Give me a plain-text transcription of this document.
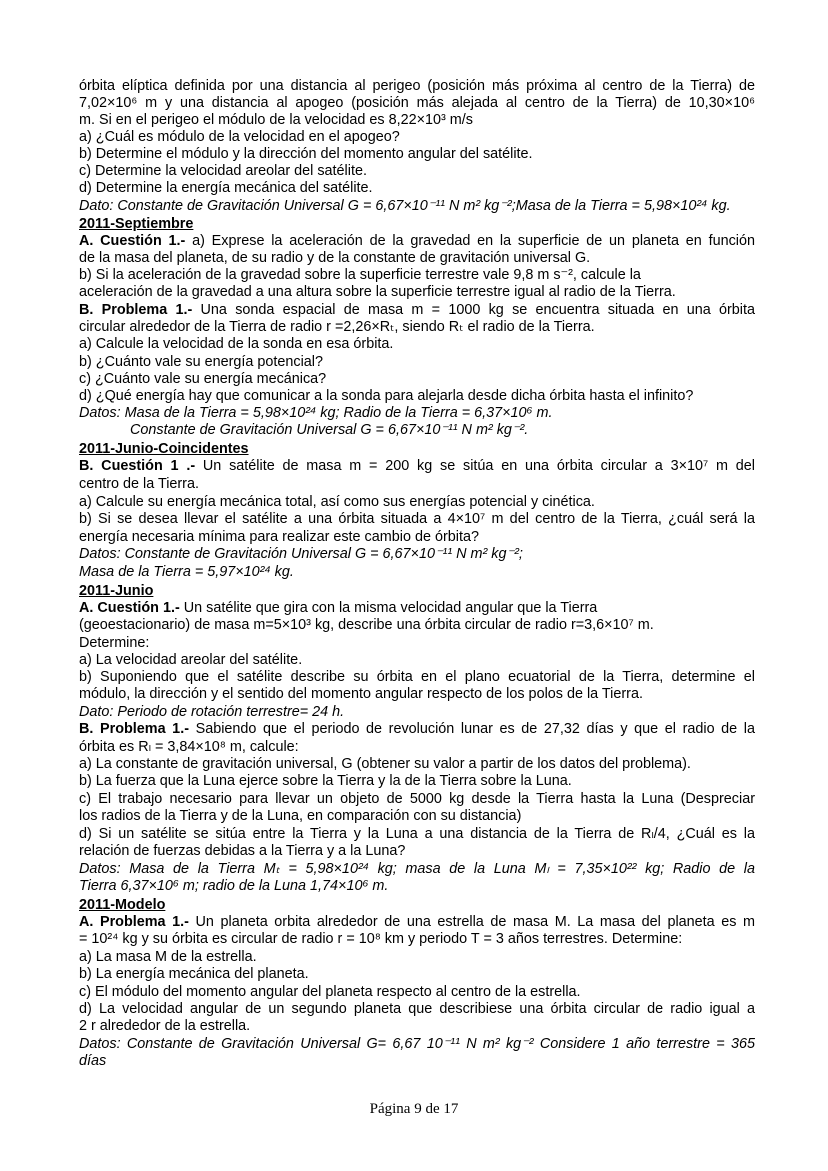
órbita elíptica definida por una distancia al perigeo (posición más próxima al centro de la Tierra) de
7,02×10⁶ m y una distancia al apogeo (posición más alejada al centro de la Tierra) de 10,30×10⁶
m. Si en el perigeo el módulo de la velocidad es 8,22×10³ m/s
a) ¿Cuál es módulo de la velocidad en el apogeo?
b) Determine el módulo y la dirección del momento angular del satélite.
c) Determine la velocidad areolar del satélite.
d) Determine la energía mecánica del satélite.
Dato: Constante de Gravitación Universal G = 6,67×10⁻¹¹ N m² kg⁻²;Masa de la Tierra = 5,98×10²⁴ kg.
2011-Septiembre
A. Cuestión 1.- a) Exprese la aceleración de la gravedad en la superficie de un planeta en función
de la masa del planeta, de su radio y de la constante de gravitación universal G.
b) Si la aceleración de la gravedad sobre la superficie terrestre vale 9,8 m s⁻², calcule la
aceleración de la gravedad a una altura sobre la superficie terrestre igual al radio de la Tierra.
B. Problema 1.- Una sonda espacial de masa m = 1000 kg se encuentra situada en una órbita
circular alrededor de la Tierra de radio r =2,26×Rₜ, siendo Rₜ el radio de la Tierra.
a) Calcule la velocidad de la sonda en esa órbita.
b) ¿Cuánto vale su energía potencial?
c) ¿Cuánto vale su energía mecánica?
d) ¿Qué energía hay que comunicar a la sonda para alejarla desde dicha órbita hasta el infinito?
Datos: Masa de la Tierra = 5,98×10²⁴ kg; Radio de la Tierra = 6,37×10⁶ m.
Constante de Gravitación Universal G = 6,67×10⁻¹¹ N m² kg⁻².
2011-Junio-Coincidentes
B. Cuestión 1 .- Un satélite de masa m = 200 kg se sitúa en una órbita circular a 3×10⁷ m del
centro de la Tierra.
a) Calcule su energía mecánica total, así como sus energías potencial y cinética.
b) Si se desea llevar el satélite a una órbita situada a 4×10⁷ m del centro de la Tierra, ¿cuál será la
energía necesaria mínima para realizar este cambio de órbita?
Datos: Constante de Gravitación Universal G = 6,67×10⁻¹¹ N m² kg⁻²;
Masa de la Tierra = 5,97×10²⁴ kg.
2011-Junio
A. Cuestión 1.- Un satélite que gira con la misma velocidad angular que la Tierra
(geoestacionario) de masa m=5×10³ kg, describe una órbita circular de radio r=3,6×10⁷ m.
Determine:
a) La velocidad areolar del satélite.
b) Suponiendo que el satélite describe su órbita en el plano ecuatorial de la Tierra, determine el
módulo, la dirección y el sentido del momento angular respecto de los polos de la Tierra.
Dato: Periodo de rotación terrestre= 24 h.
B. Problema 1.- Sabiendo que el periodo de revolución lunar es de 27,32 días y que el radio de la
órbita es Rₗ = 3,84×10⁸ m, calcule:
a) La constante de gravitación universal, G (obtener su valor a partir de los datos del problema).
b) La fuerza que la Luna ejerce sobre la Tierra y la de la Tierra sobre la Luna.
c) El trabajo necesario para llevar un objeto de 5000 kg desde la Tierra hasta la Luna (Despreciar
los radios de la Tierra y de la Luna, en comparación con su distancia)
d) Si un satélite se sitúa entre la Tierra y la Luna a una distancia de la Tierra de Rₗ/4, ¿Cuál es la
relación de fuerzas debidas a la Tierra y a la Luna?
Datos: Masa de la Tierra Mₜ = 5,98×10²⁴ kg; masa de la Luna Mₗ = 7,35×10²² kg; Radio de la
Tierra 6,37×10⁶ m; radio de la Luna 1,74×10⁶ m.
2011-Modelo
A. Problema 1.- Un planeta orbita alrededor de una estrella de masa M. La masa del planeta es m
= 10²⁴ kg y su órbita es circular de radio r = 10⁸ km y periodo T = 3 años terrestres. Determine:
a) La masa M de la estrella.
b) La energía mecánica del planeta.
c) El módulo del momento angular del planeta respecto al centro de la estrella.
d) La velocidad angular de un segundo planeta que describiese una órbita circular de radio igual a
2 r alrededor de la estrella.
Datos: Constante de Gravitación Universal G= 6,67 10⁻¹¹ N m² kg⁻² Considere 1 año terrestre = 365
días
Página 9 de 17
